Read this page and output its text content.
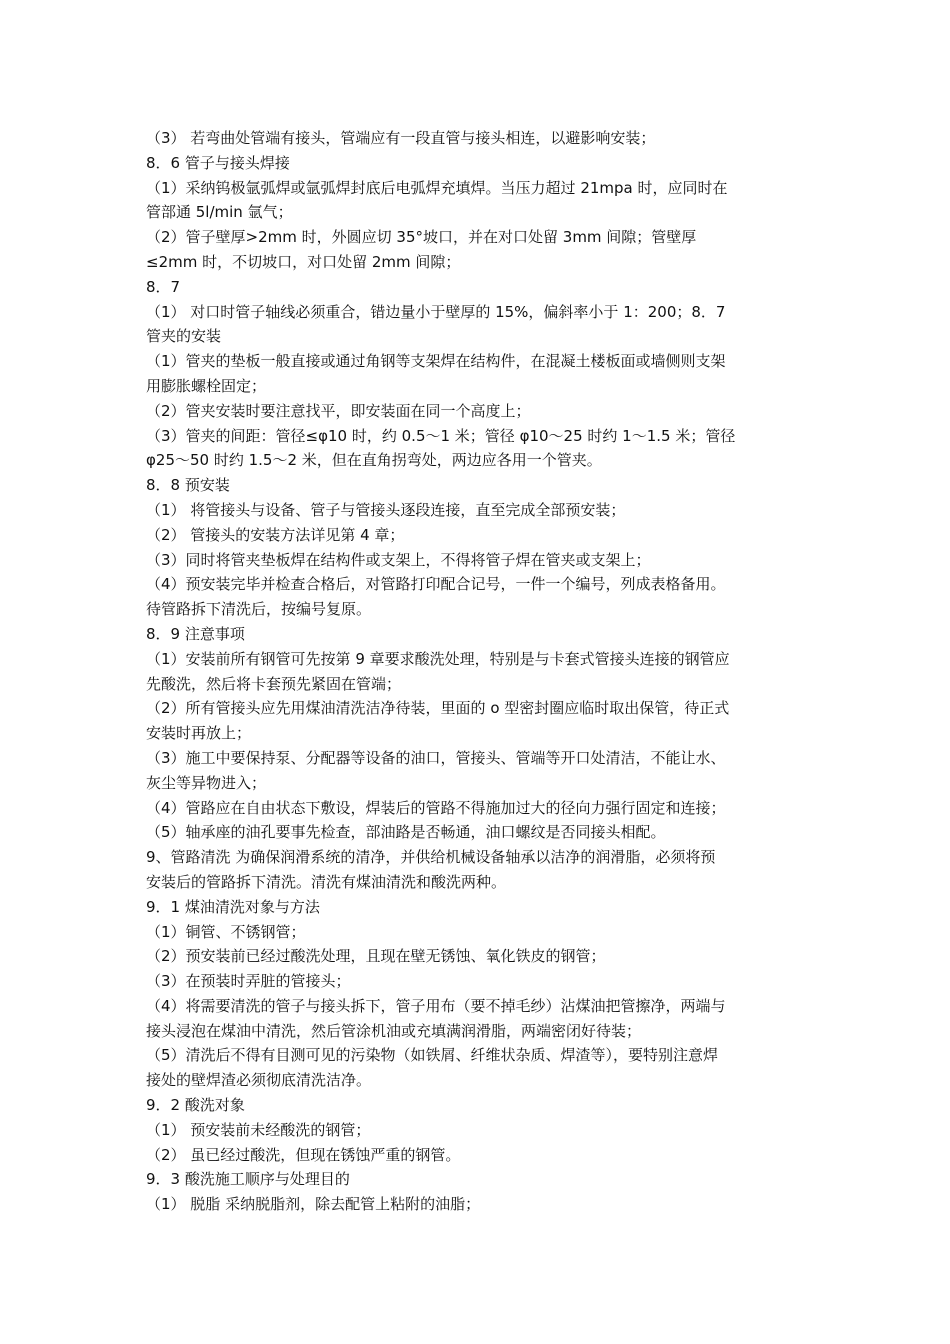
（3） 若弯曲处管端有接头，管端应有一段直管与接头相连，以避影响安装；
8．6 管子与接头焊接
（1）采纳钨极氩弧焊或氩弧焊封底后电弧焊充填焊。当压力超过 21mpa 时，应同时在
管部通 5l/min 氩气；
（2）管子壁厚>2mm 时，外圆应切 35°坡口，并在对口处留 3mm 间隙；管壁厚
≤2mm 时，不切坡口，对口处留 2mm 间隙；
8．7
（1） 对口时管子轴线必须重合，错边量小于壁厚的 15%，偏斜率小于 1：200；8．7
管夹的安装
（1）管夹的垫板一般直接或通过角钢等支架焊在结构件，在混凝土楼板面或墙侧则支架
用膨胀螺栓固定；
（2）管夹安装时要注意找平，即安装面在同一个高度上；
（3）管夹的间距：管径≤φ10 时，约 0.5～1 米；管径 φ10～25 时约 1～1.5 米；管径
φ25～50 时约 1.5～2 米，但在直角拐弯处，两边应各用一个管夹。
8．8 预安装
（1） 将管接头与设备、管子与管接头逐段连接，直至完成全部预安装；
（2） 管接头的安装方法详见第 4 章；
（3）同时将管夹垫板焊在结构件或支架上，不得将管子焊在管夹或支架上；
（4）预安装完毕并检查合格后，对管路打印配合记号，一件一个编号，列成表格备用。
待管路拆下清洗后，按编号复原。
8．9 注意事项
（1）安装前所有钢管可先按第 9 章要求酸洗处理，特别是与卡套式管接头连接的钢管应
先酸洗，然后将卡套预先紧固在管端；
（2）所有管接头应先用煤油清洗洁净待装，里面的 o 型密封圈应临时取出保管，待正式
安装时再放上；
（3）施工中要保持泵、分配器等设备的油口，管接头、管端等开口处清洁，不能让水、
灰尘等异物进入；
（4）管路应在自由状态下敷设，焊装后的管路不得施加过大的径向力强行固定和连接；
（5）轴承座的油孔要事先检查，部油路是否畅通，油口螺纹是否同接头相配。
9、管路清洗 为确保润滑系统的清净，并供给机械设备轴承以洁净的润滑脂，必须将预
安装后的管路拆下清洗。清洗有煤油清洗和酸洗两种。
9．1 煤油清洗对象与方法
（1）铜管、不锈钢管；
（2）预安装前已经过酸洗处理，且现在壁无锈蚀、氧化铁皮的钢管；
（3）在预装时弄脏的管接头；
（4）将需要清洗的管子与接头拆下，管子用布（要不掉毛纱）沾煤油把管擦净，两端与
接头浸泡在煤油中清洗，然后管涂机油或充填满润滑脂，两端密闭好待装；
（5）清洗后不得有目测可见的污染物（如铁屑、纤维状杂质、焊渣等），要特别注意焊
接处的壁焊渣必须彻底清洗洁净。
9．2 酸洗对象
（1） 预安装前未经酸洗的钢管；
（2） 虽已经过酸洗，但现在锈蚀严重的钢管。
9．3 酸洗施工顺序与处理目的
（1） 脱脂 采纳脱脂剂，除去配管上粘附的油脂；
